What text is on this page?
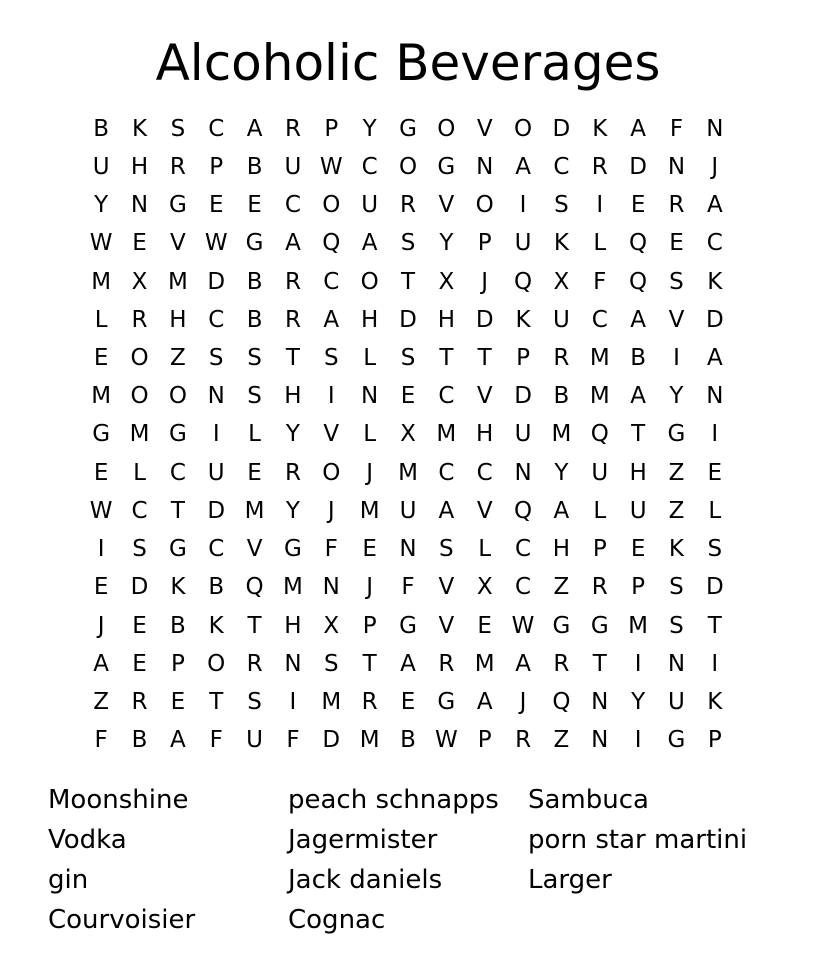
Alcoholic Beverages
B K	S	C A R	P	Y G O V O D K A	F	N
U H R	P	B U W C O G N A C R D N	J
Y N G E	E	C O U R V O	I	S	I	E	R A
W E	V W G A Q A	S	Y	P	U K	L Q E	C
M X M D B R C O T	X	J	Q X	F Q S	K
L	R H C B R A H D H D K U C A V D
E O Z	S	S	T	S	L	S	T	T	P	R M B	I	A
M O O N S H	I	N E	C V D B M A	Y N
G M G	I	L	Y	V	L	X M H U M Q T G	I
E	L	C U E	R O	J	M C C N Y U H Z	E
W C	T D M Y	J	M U A V Q A	L	U Z	L
I	S G C V G F	E N S	L	C H P	E	K	S
E D K B Q M N	J	F	V X C Z R	P	S D
J	E	B K	T H X	P G V	E W G G M S	T
A	E	P O R N S	T	A R M A R	T	I	N	I
Z R	E	T	S	I	M R	E G A	J	Q N Y U K
F	B A	F	U	F D M B W P	R Z N	I	G P
Moonshine
Vodka
gin
Courvoisier
peach schnapps
Jagermister
Jack daniels
Cognac
Sambuca
porn star martini
Larger
